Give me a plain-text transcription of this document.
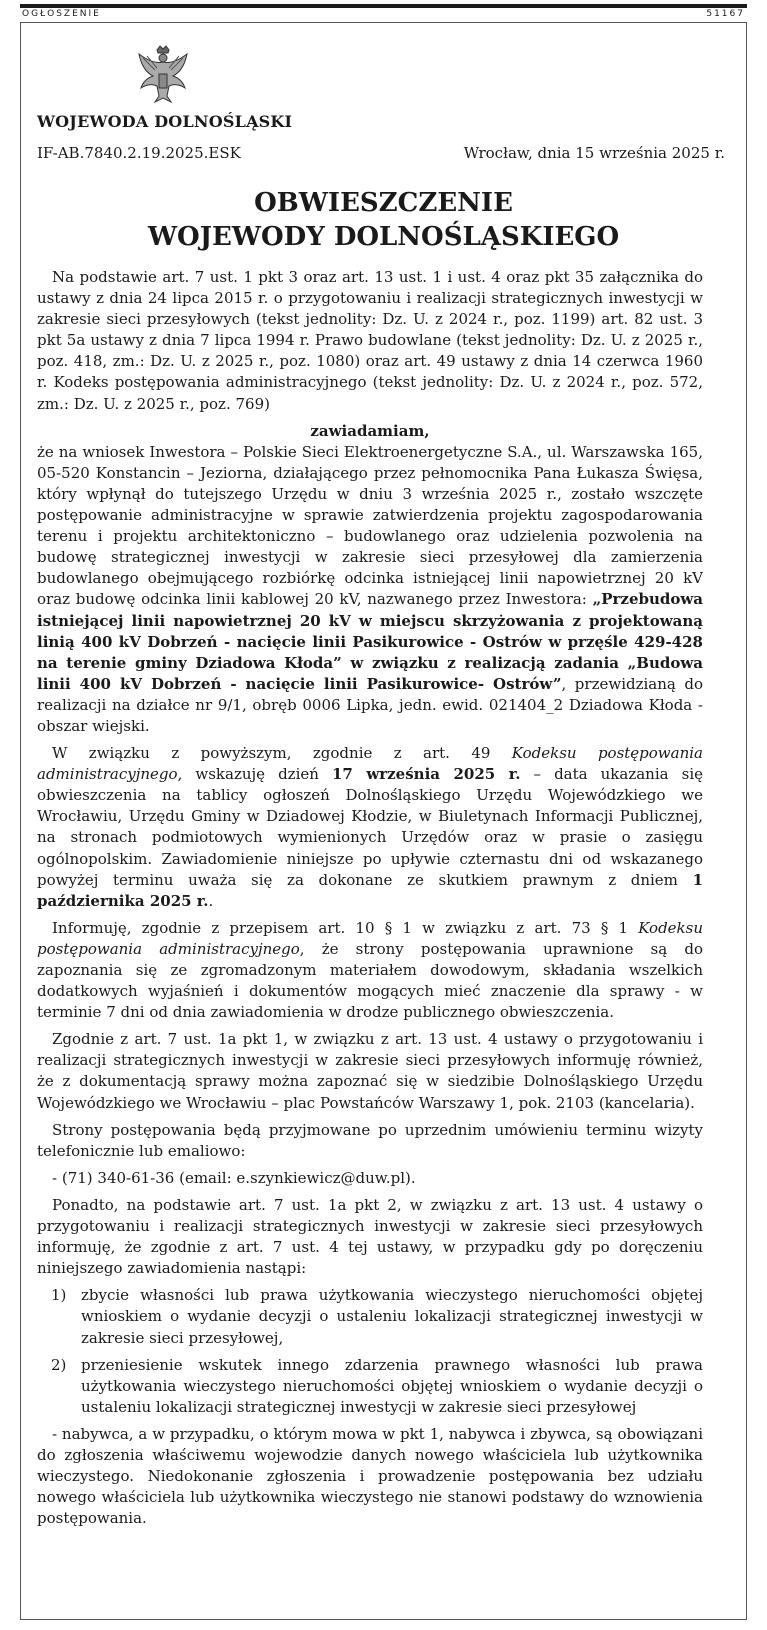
OGŁOSZENIE	51167
WOJEWODA DOLNOŚLĄSKI
IF-AB.7840.2.19.2025.ESK	Wrocław, dnia 15 września 2025 r.
OBWIESZCZENIE
WOJEWODY DOLNOŚLĄSKIEGO

Na podstawie art. 7 ust. 1 pkt 3 oraz art. 13 ust. 1 i ust. 4 oraz pkt 35 załącznika do ustawy z dnia 24 lipca 2015 r. o przygotowaniu i realizacji strategicznych inwestycji w zakresie sieci przesyłowych (tekst jednolity: Dz. U. z 2024 r., poz. 1199) art. 82 ust. 3 pkt 5a ustawy z dnia 7 lipca 1994 r. Prawo budowlane (tekst jednolity: Dz. U. z 2025 r., poz. 418, zm.: Dz. U. z 2025 r., poz. 1080) oraz art. 49 ustawy z dnia 14 czerwca 1960 r. Kodeks postępowania administracyjnego (tekst jednolity: Dz. U. z 2024 r., poz. 572, zm.: Dz. U. z 2025 r., poz. 769)

zawiadamiam,

że na wniosek Inwestora – Polskie Sieci Elektroenergetyczne S.A., ul. Warszawska 165, 05-520 Konstancin – Jeziorna, działającego przez pełnomocnika Pana Łukasza Święsa, który wpłynął do tutejszego Urzędu w dniu 3 września 2025 r., zostało wszczęte postępowanie administracyjne w sprawie zatwierdzenia projektu zagospodarowania terenu i projektu architektoniczno – budowlanego oraz udzielenia pozwolenia na budowę strategicznej inwestycji w zakresie sieci przesyłowej dla zamierzenia budowlanego obejmującego rozbiórkę odcinka istniejącej linii napowietrznej 20 kV oraz budowę odcinka linii kablowej 20 kV, nazwanego przez Inwestora: „Przebudowa istniejącej linii napowietrznej 20 kV w miejscu skrzyżowania z projektowaną linią 400 kV Dobrzeń - nacięcie linii Pasikurowice - Ostrów w przęśle 429-428 na terenie gminy Dziadowa Kłoda” w związku z realizacją zadania „Budowa linii 400 kV Dobrzeń - nacięcie linii Pasikurowice- Ostrów”, przewidzianą do realizacji na działce nr 9/1, obręb 0006 Lipka, jedn. ewid. 021404_2 Dziadowa Kłoda - obszar wiejski.

W związku z powyższym, zgodnie z art. 49 Kodeksu postępowania administracyjnego, wskazuję dzień 17 września 2025 r. – data ukazania się obwieszczenia na tablicy ogłoszeń Dolnośląskiego Urzędu Wojewódzkiego we Wrocławiu, Urzędu Gminy w Dziadowej Kłodzie, w Biuletynach Informacji Publicznej, na stronach podmiotowych wymienionych Urzędów oraz w prasie o zasięgu ogólnopolskim. Zawiadomienie niniejsze po upływie czternastu dni od wskazanego powyżej terminu uważa się za dokonane ze skutkiem prawnym z dniem 1 października 2025 r..

Informuję, zgodnie z przepisem art. 10 § 1 w związku z art. 73 § 1 Kodeksu postępowania administracyjnego, że strony postępowania uprawnione są do zapoznania się ze zgromadzonym materiałem dowodowym, składania wszelkich dodatkowych wyjaśnień i dokumentów mogących mieć znaczenie dla sprawy - w terminie 7 dni od dnia zawiadomienia w drodze publicznego obwieszczenia.

Zgodnie z art. 7 ust. 1a pkt 1, w związku z art. 13 ust. 4 ustawy o przygotowaniu i realizacji strategicznych inwestycji w zakresie sieci przesyłowych informuję również, że z dokumentacją sprawy można zapoznać się w siedzibie Dolnośląskiego Urzędu Wojewódzkiego we Wrocławiu – plac Powstańców Warszawy 1, pok. 2103 (kancelaria).

Strony postępowania będą przyjmowane po uprzednim umówieniu terminu wizyty telefonicznie lub emaliowo:

- (71) 340-61-36 (email: e.szynkiewicz@duw.pl).

Ponadto, na podstawie art. 7 ust. 1a pkt 2, w związku z art. 13 ust. 4 ustawy o przygotowaniu i realizacji strategicznych inwestycji w zakresie sieci przesyłowych informuję, że zgodnie z art. 7 ust. 4 tej ustawy, w przypadku gdy po doręczeniu niniejszego zawiadomienia nastąpi:

1) zbycie własności lub prawa użytkowania wieczystego nieruchomości objętej wnioskiem o wydanie decyzji o ustaleniu lokalizacji strategicznej inwestycji w zakresie sieci przesyłowej,
2) przeniesienie wskutek innego zdarzenia prawnego własności lub prawa użytkowania wieczystego nieruchomości objętej wnioskiem o wydanie decyzji o ustaleniu lokalizacji strategicznej inwestycji w zakresie sieci przesyłowej

- nabywca, a w przypadku, o którym mowa w pkt 1, nabywca i zbywca, są obowiązani do zgłoszenia właściwemu wojewodzie danych nowego właściciela lub użytkownika wieczystego. Niedokonanie zgłoszenia i prowadzenie postępowania bez udziału nowego właściciela lub użytkownika wieczystego nie stanowi podstawy do wznowienia postępowania.
